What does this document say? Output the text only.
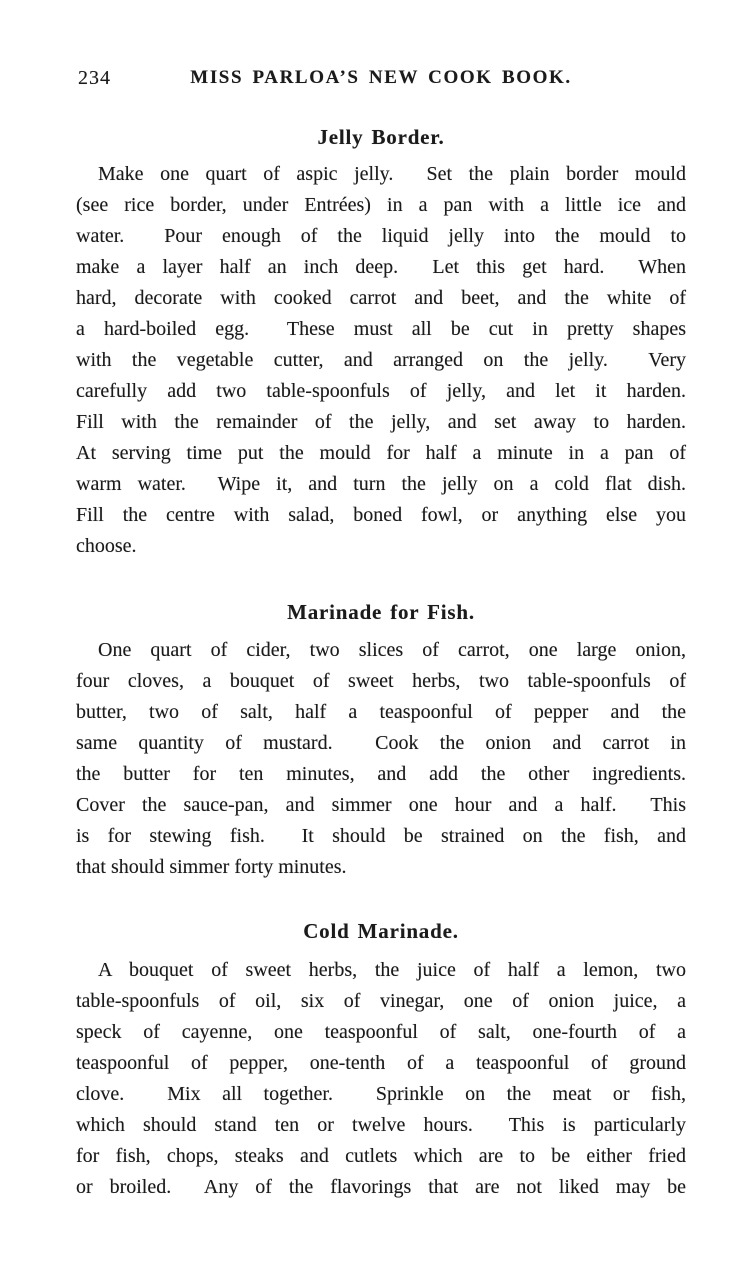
234	MISS PARLOA’S NEW COOK BOOK.
Jelly Border.
Make one quart of aspic jelly.  Set the plain border mould
(see rice border, under Entrées) in a pan with a little ice and
water.  Pour enough of the liquid jelly into the mould to
make a layer half an inch deep.  Let this get hard.  When
hard, decorate with cooked carrot and beet, and the white of
a hard-boiled egg.  These must all be cut in pretty shapes
with the vegetable cutter, and arranged on the jelly.  Very
carefully add two table-spoonfuls of jelly, and let it harden.
Fill with the remainder of the jelly, and set away to harden.
At serving time put the mould for half a minute in a pan of
warm water.  Wipe it, and turn the jelly on a cold flat dish.
Fill the centre with salad, boned fowl, or anything else you
choose.
Marinade for Fish.
One quart of cider, two slices of carrot, one large onion,
four cloves, a bouquet of sweet herbs, two table-spoonfuls of
butter, two of salt, half a teaspoonful of pepper and the
same quantity of mustard.  Cook the onion and carrot in
the butter for ten minutes, and add the other ingredients.
Cover the sauce-pan, and simmer one hour and a half.  This
is for stewing fish.  It should be strained on the fish, and
that should simmer forty minutes.
Cold Marinade.
A bouquet of sweet herbs, the juice of half a lemon, two
table-spoonfuls of oil, six of vinegar, one of onion juice, a
speck of cayenne, one teaspoonful of salt, one-fourth of a
teaspoonful of pepper, one-tenth of a teaspoonful of ground
clove.  Mix all together.  Sprinkle on the meat or fish,
which should stand ten or twelve hours.  This is particularly
for fish, chops, steaks and cutlets which are to be either fried
or broiled.  Any of the flavorings that are not liked may be
